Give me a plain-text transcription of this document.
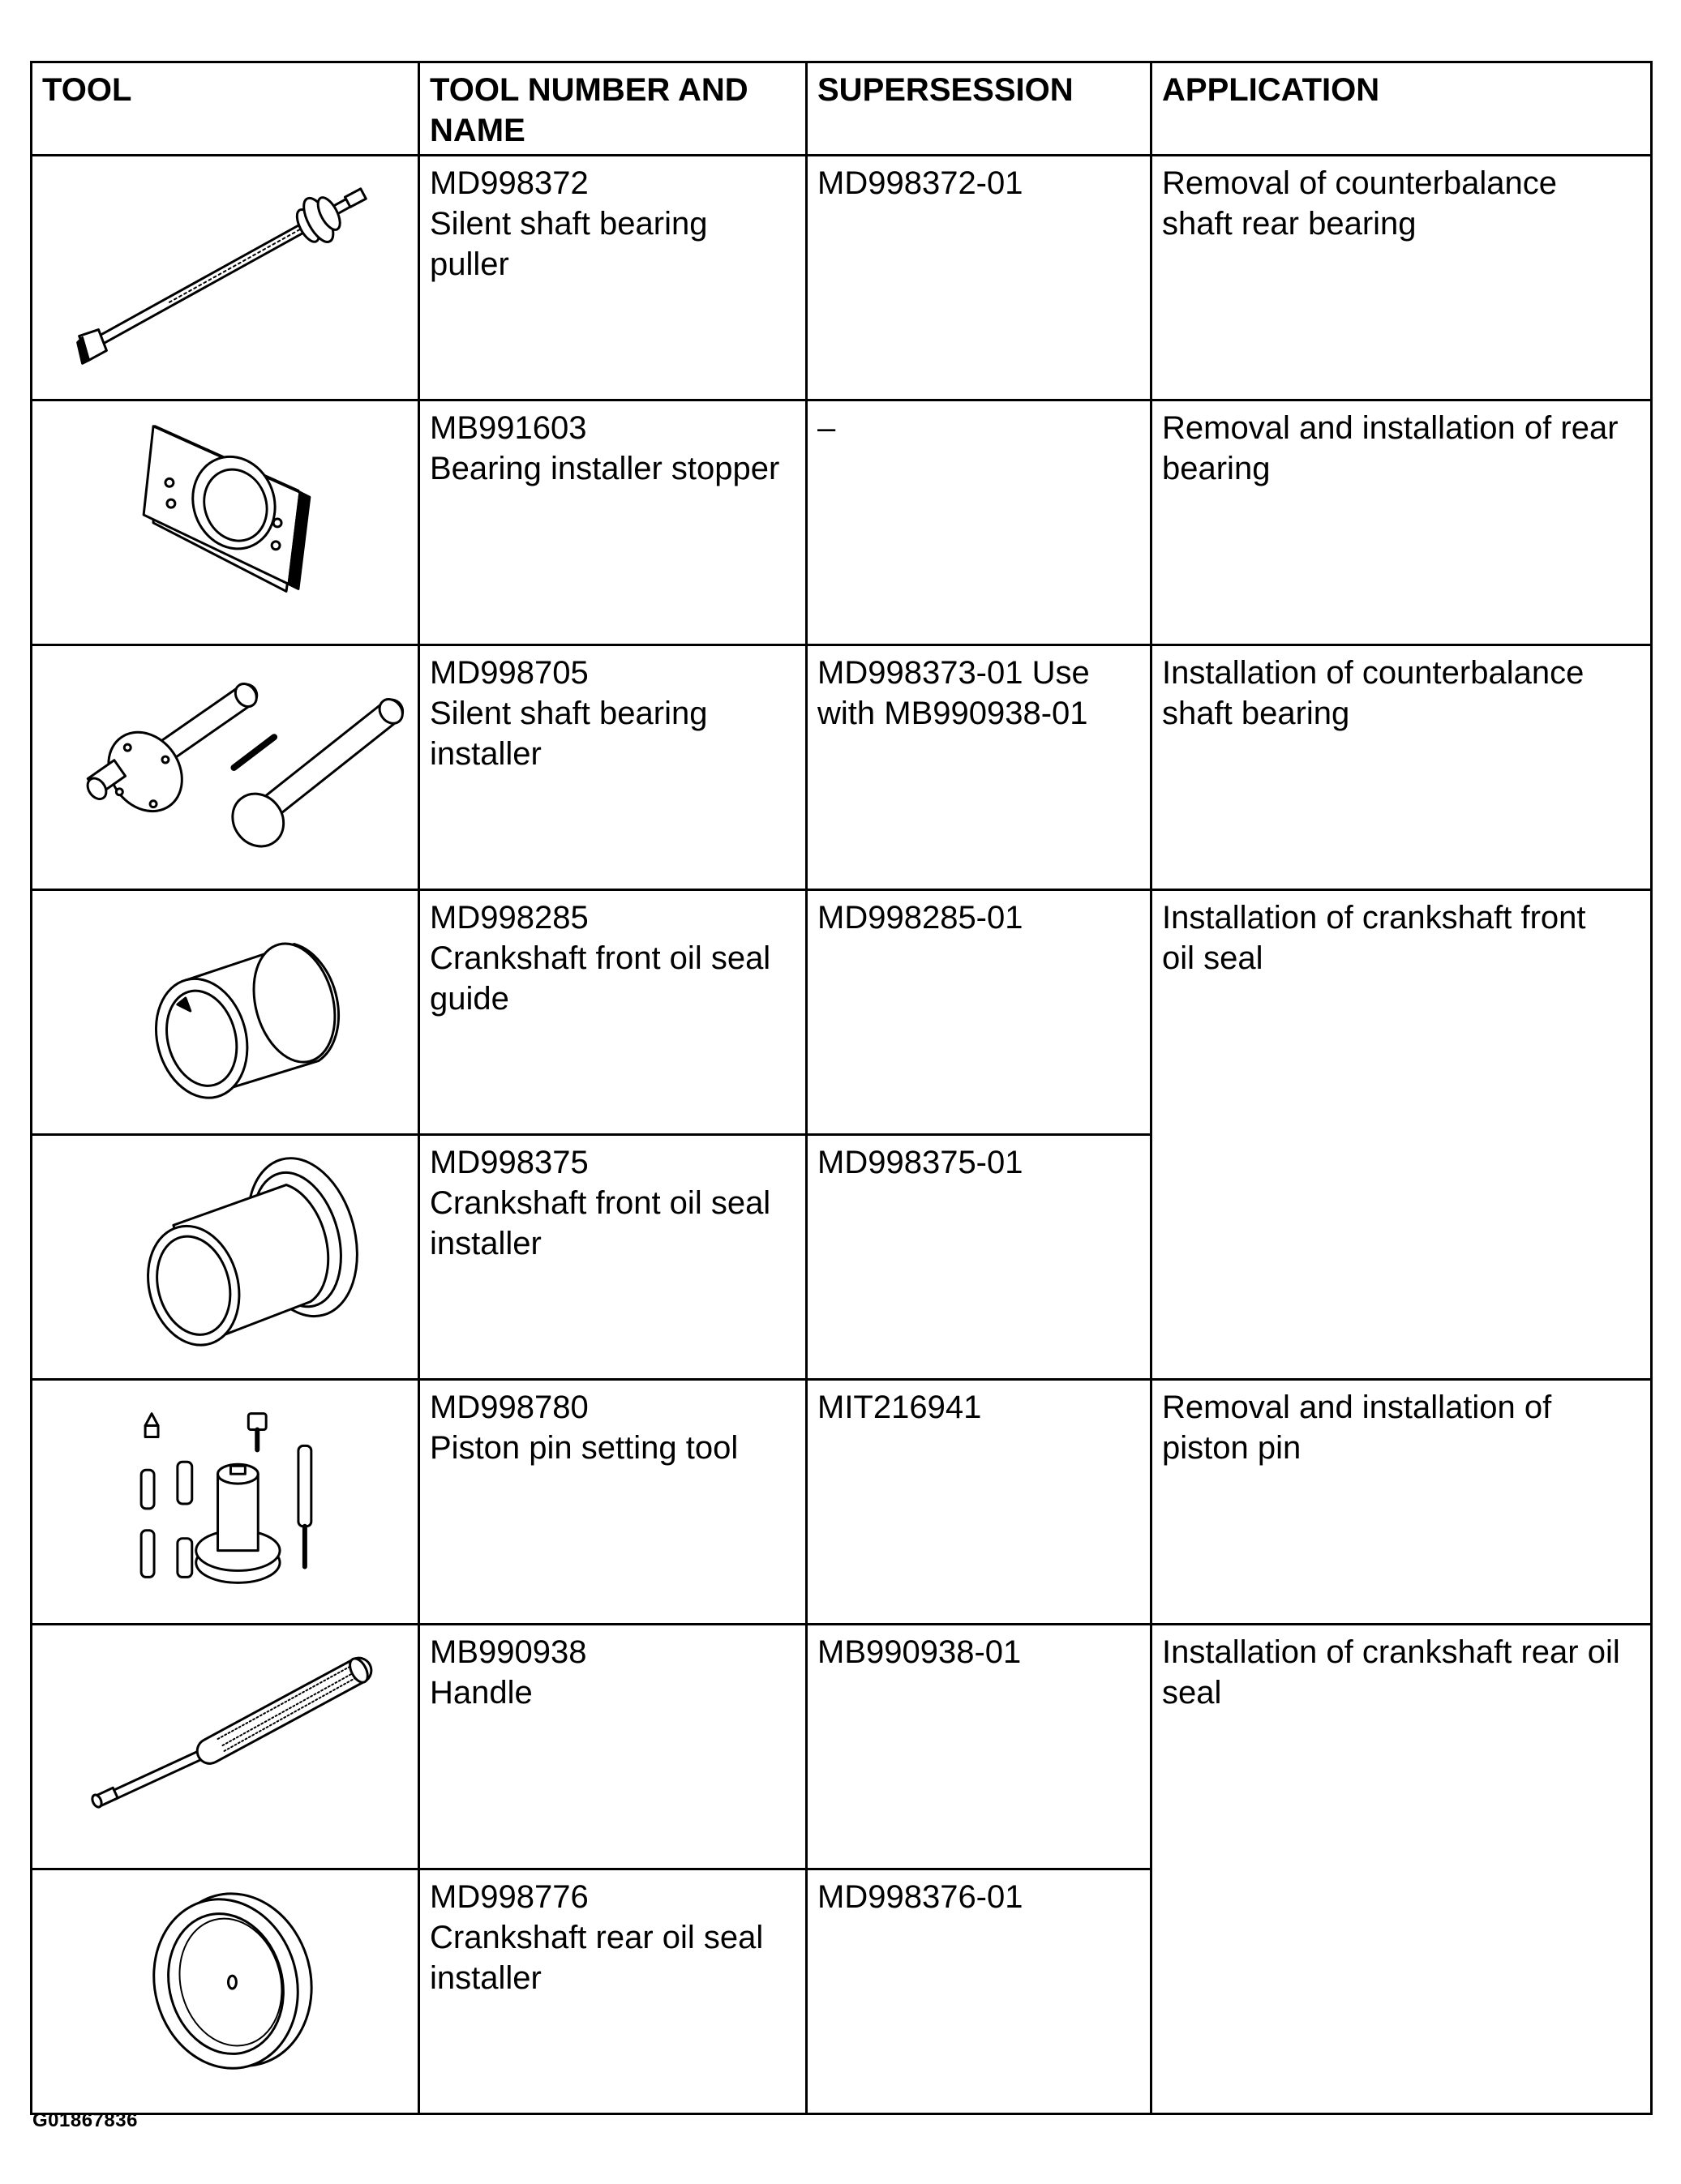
TOOL	TOOL NUMBER AND
NAME	SUPERSESSION	APPLICATION

MD998372
Silent shaft bearing
puller	MD998372-01	Removal of counterbalance
shaft rear bearing

MB991603
Bearing installer stopper	–	Removal and installation of rear
bearing

MD998705
Silent shaft bearing
installer	MD998373-01 Use
with MB990938-01	Installation of counterbalance
shaft bearing

MD998285
Crankshaft front oil seal
guide	MD998285-01	Installation of crankshaft front
oil seal

MD998375
Crankshaft front oil seal
installer	MD998375-01	

MD998780
Piston pin setting tool	MIT216941	Removal and installation of
piston pin

MB990938
Handle	MB990938-01	Installation of crankshaft rear oil
seal

MD998776
Crankshaft rear oil seal
installer	MD998376-01	
G01867836
